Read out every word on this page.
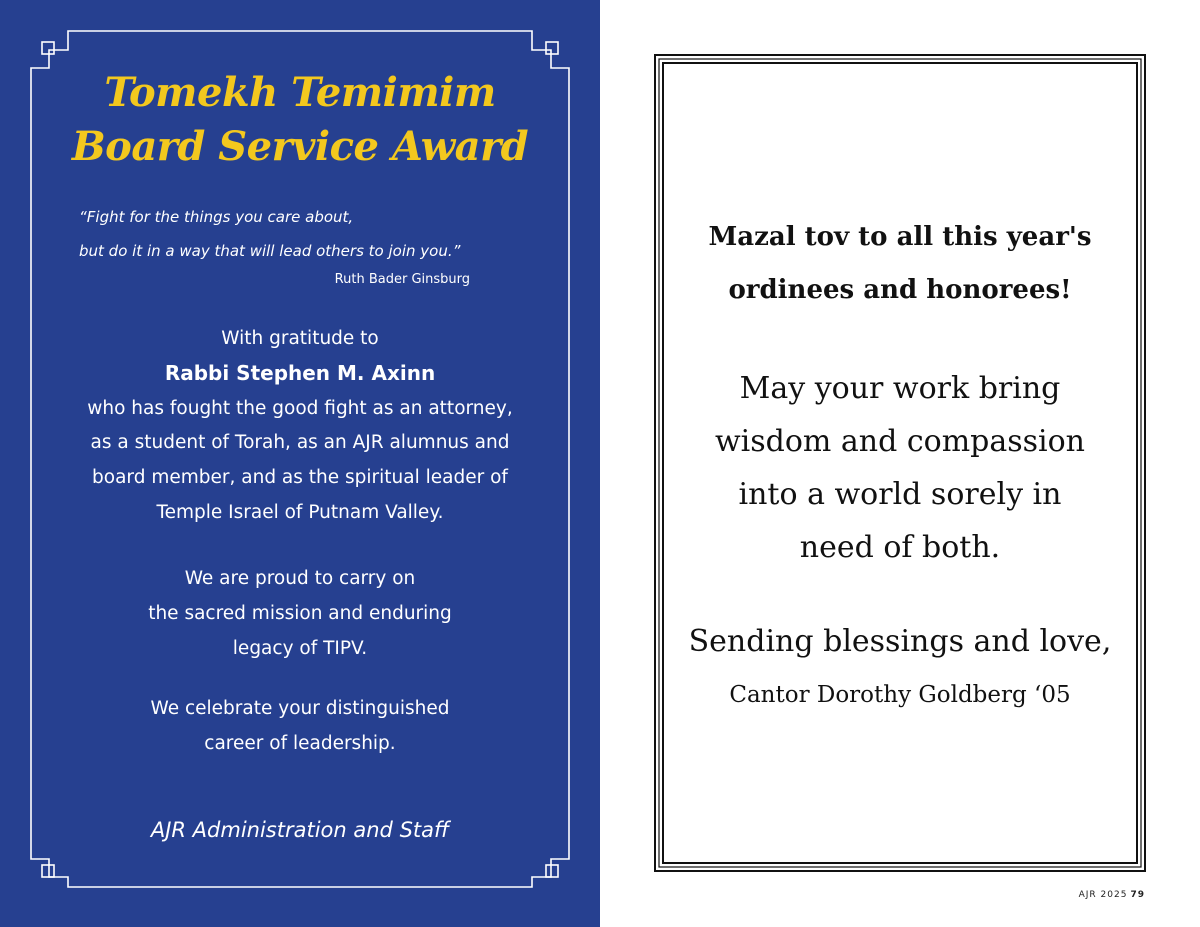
Tomekh Temimim
Board Service Award

“Fight for the things you care about,

but do it in a way that will lead others to join you.”

Ruth Bader Ginsburg

With gratitude to

Rabbi Stephen M. Axinn

who has fought the good fight as an attorney,

as a student of Torah, as an AJR alumnus and

board member, and as the spiritual leader of

Temple Israel of Putnam Valley.

We are proud to carry on

the sacred mission and enduring

legacy of TIPV.

We celebrate your distinguished

career of leadership.

AJR Administration and Staff

Mazal tov to all this year's

ordinees and honorees!

May your work bring

wisdom and compassion

into a world sorely in

need of both.

Sending blessings and love,

Cantor Dorothy Goldberg ‘05

AJR 2025 79
